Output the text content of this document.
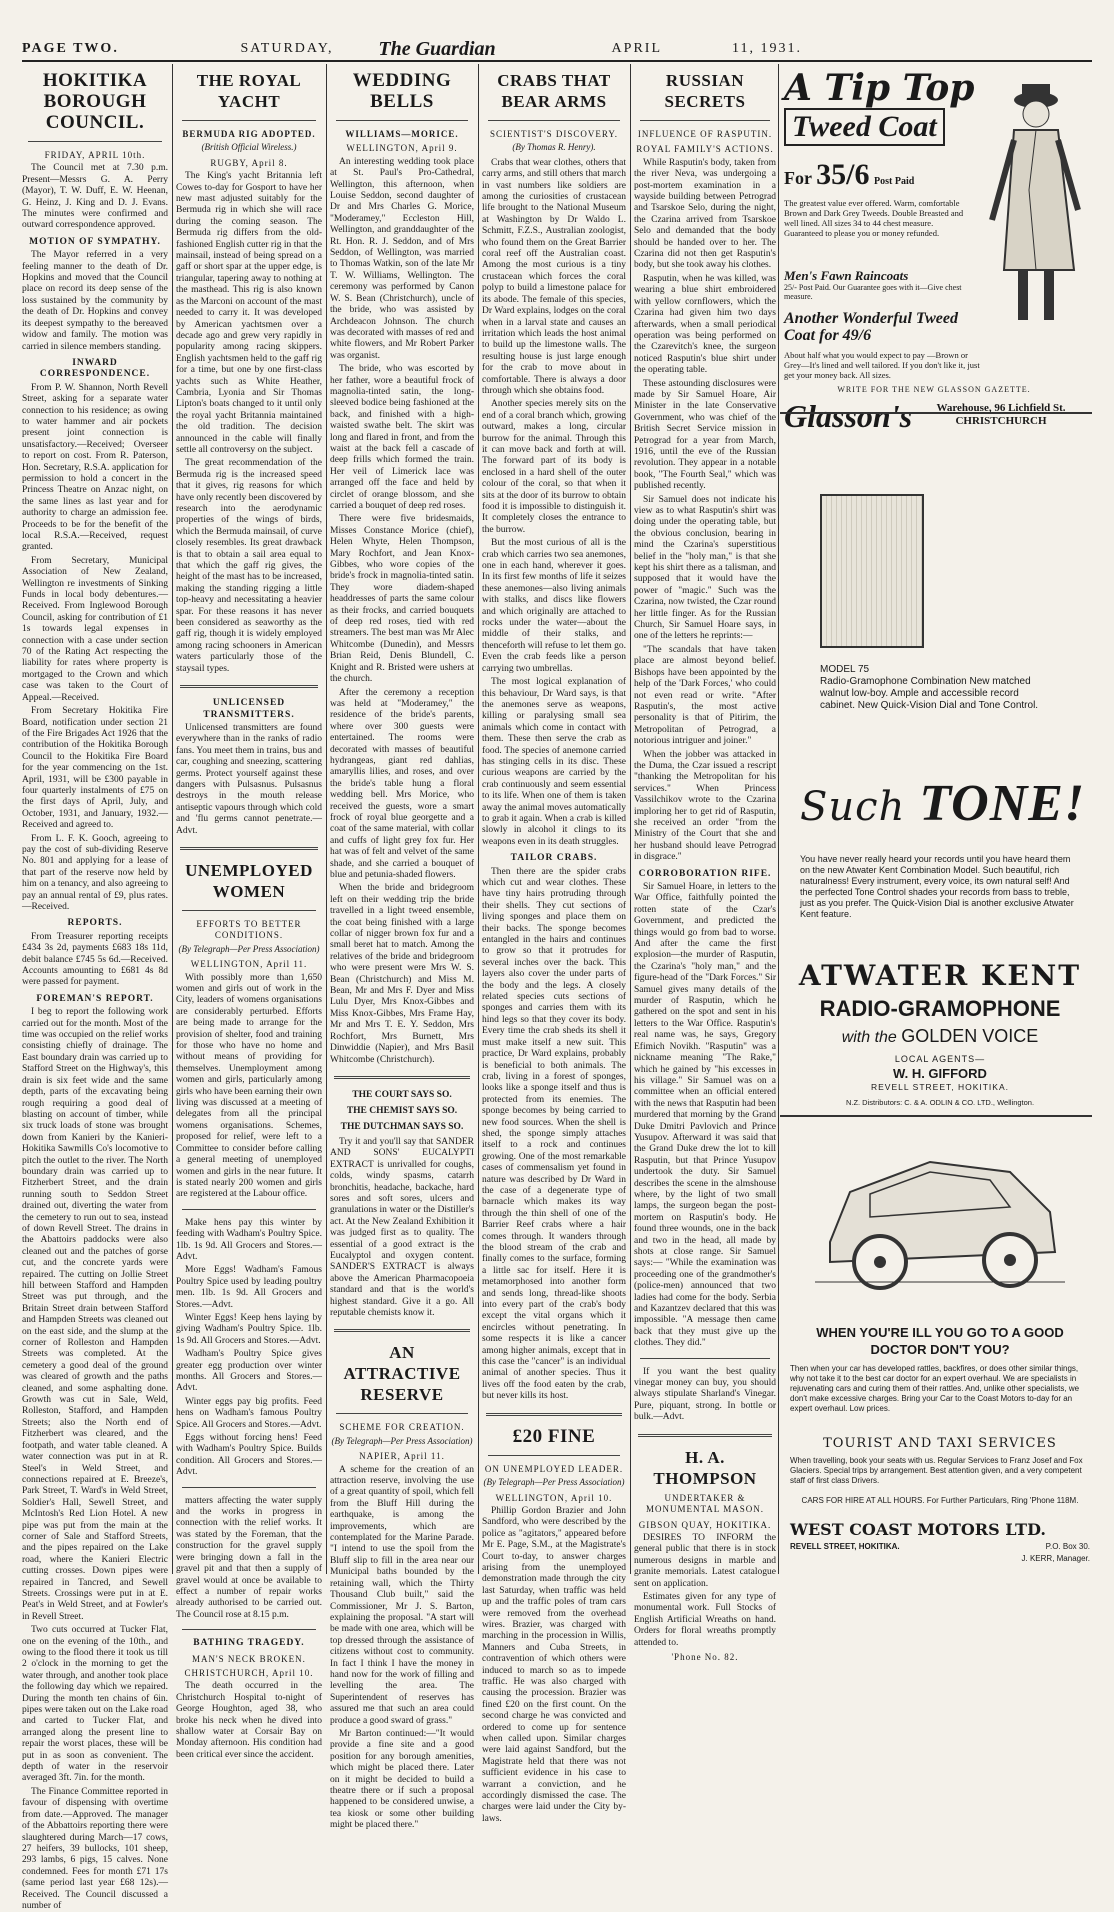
PAGE TWO.	SATURDAY,	The Guardian	APRIL	11, 1931.
HOKITIKA BOROUGH COUNCIL.
FRIDAY, APRIL 10th.

The Council met at 7.30 p.m. Present—Messrs G. A. Perry (Mayor), T. W. Duff, E. W. Heenan, G. Heinz, J. King and D. J. Evans. The minutes were confirmed and outward correspondence approved.

MOTION OF SYMPATHY.

The Mayor referred in a very feeling manner to the death of Dr. Hopkins and moved that the Council place on record its deep sense of the loss sustained by the community by the death of Dr. Hopkins and convey its deepest sympathy to the bereaved widow and family. The motion was carried in silence members standing.

INWARD CORRESPONDENCE.

From P. W. Shannon, North Revell Street, asking for a separate water connection to his residence; as owing to water hammer and air pockets present joint connection is unsatisfactory.—Received; Overseer to report on cost. From R. Paterson, Hon. Secretary, R.S.A. application for permission to hold a concert in the Princess Theatre on Anzac night, on the same lines as last year and for authority to charge an admission fee. Proceeds to be for the benefit of the local R.S.A.—Received, request granted.

From Secretary, Municipal Association of New Zealand, Wellington re investments of Sinking Funds in local body debentures.—Received. From Inglewood Borough Council, asking for contribution of £1 1s towards legal expenses in connection with a case under section 70 of the Rating Act respecting the liability for rates where property is mortgaged to the Crown and which case was taken to the Court of Appeal.—Received.

From Secretary Hokitika Fire Board, notification under section 21 of the Fire Brigades Act 1926 that the contribution of the Hokitika Borough Council to the Hokitika Fire Board for the year commencing on the 1st. April, 1931, will be £300 payable in four quarterly instalments of £75 on the first days of April, July, and October, 1931, and January, 1932.—Received and agreed to.

From L. F. K. Gooch, agreeing to pay the cost of sub-dividing Reserve No. 801 and applying for a lease of that part of the reserve now held by him on a tenancy, and also agreeing to pay an annual rental of £9, plus rates.—Received.

REPORTS.

From Treasurer reporting receipts £434 3s 2d, payments £683 18s 11d, debit balance £745 5s 6d.—Received. Accounts amounting to £681 4s 8d were passed for payment.

FOREMAN'S REPORT.

I beg to report the following work carried out for the month. Most of the time was occupied on the relief works consisting chiefly of drainage. The East boundary drain was carried up to Stafford Street on the Highway's, this drain is six feet wide and the same depth, parts of the excavating being rough requiring a good deal of blasting on account of timber, while six truck loads of stone was brought down from Kanieri by the Kanieri-Hokitika Sawmills Co's locomotive to pitch the outlet to the river. The North boundary drain was carried up to Fitzherbert Street, and the drain running south to Seddon Street drained out, diverting the water from the cemetery to run out to sea, instead of down Revell Street. The drains in the Abattoirs paddocks were also cleaned out and the patches of gorse cut, and the concrete yards were repaired. The cutting on Jollie Street hill between Stafford and Hampden Street was put through, and the Britain Street drain between Stafford and Hampden Streets was cleaned out on the east side, and the slump at the corner of Rolleston and Hampden Streets was completed. At the cemetery a good deal of the ground was cleared of growth and the paths cleaned, and some asphalting done. Growth was cut in Sale, Weld, Rolleston, Stafford, and Hampden Streets; also the North end of Fitzherbert was cleared, and the footpath, and water table cleaned. A water connection was put in at R. Steel's in Weld Street, and connections repaired at E. Breeze's, Park Street, T. Ward's in Weld Street, Soldier's Hall, Sewell Street, and McIntosh's Red Lion Hotel. A new pipe was put from the main at the corner of Sale and Stafford Streets, and the pipes repaired on the Lake road, where the Kanieri Electric cutting crosses. Down pipes were repaired in Tancred, and Sewell Streets. Crossings were put in at E. Peat's in Weld Street, and at Fowler's in Revell Street.

Two cuts occurred at Tucker Flat, one on the evening of the 10th., and owing to the flood there it took us till 2 o'clock in the morning to get the water through, and another took place the following day which we repaired. During the month ten chains of 6in. pipes were taken out on the Lake road and carted to Tucker Flat, and arranged along the present line to repair the worst places, these will be put in as soon as convenient. The depth of water in the reservoir averaged 3ft. 7in. for the month.

The Finance Committee reported in favour of dispensing with overtime from date.—Approved. The manager of the Abbattoirs reporting there were slaughtered during March—17 cows, 27 heifers, 39 bullocks, 101 sheep, 293 lambs, 6 pigs, 15 calves. None condemned. Fees for month £71 17s (same period last year £68 12s).—Received. The Council discussed a number of

THE ROYAL YACHT
BERMUDA RIG ADOPTED.
(British Official Wireless.)
RUGBY, April 8.

The King's yacht Britannia left Cowes to-day for Gosport to have her new mast adjusted suitably for the Bermuda rig in which she will race during the coming season. The Bermuda rig differs from the old-fashioned English cutter rig in that the mainsail, instead of being spread on a gaff or short spar at the upper edge, is triangular, tapering away to nothing at the masthead. This rig is also known as the Marconi on account of the mast needed to carry it. It was developed by American yachtsmen over a decade ago and grew very rapidly in popularity among racing skippers. English yachtsmen held to the gaff rig for a time, but one by one first-class yachts such as White Heather, Cambria, Lyonia and Sir Thomas Lipton's boats changed to it until only the royal yacht Britannia maintained the old tradition. The decision announced in the cable will finally settle all controversy on the subject.

The great recommendation of the Bermuda rig is the increased speed that it gives, rig reasons for which have only recently been discovered by research into the aerodynamic properties of the wings of birds, which the Bermuda mainsail, of curve closely resembles. Its great drawback is that to obtain a sail area equal to that which the gaff rig gives, the height of the mast has to be increased, making the standing rigging a little top-heavy and necessitating a heavier spar. For these reasons it has never been considered as seaworthy as the gaff rig, though it is widely employed among racing schooners in American waters particularly those of the staysail types.

UNLICENSED TRANSMITTERS.

Unlicensed transmitters are found everywhere than in the ranks of radio fans. You meet them in trains, bus and car, coughing and sneezing, scattering germs. Protect yourself against these dangers with Pulsasnus. Pulsasnus destroys in the mouth release antiseptic vapours through which cold and 'flu germs cannot penetrate.—Advt.

UNEMPLOYED WOMEN
EFFORTS TO BETTER CONDITIONS.
(By Telegraph—Per Press Association)
WELLINGTON, April 11.

With possibly more than 1,650 women and girls out of work in the City, leaders of womens organisations are considerably perturbed. Efforts are being made to arrange for the provision of shelter, food and training for those who have no home and without means of providing for themselves. Unemployment among women and girls, particularly among girls who have been earning their own living was discussed at a meeting of delegates from all the principal womens organisations. Schemes, proposed for relief, were left to a Committee to consider before calling a general meeting of unemployed women and girls in the near future. It is stated nearly 200 women and girls are registered at the Labour office.

Make hens pay this winter by feeding with Wadham's Poultry Spice. 1lb. 1s 9d. All Grocers and Stores.—Advt.

More Eggs! Wadham's Famous Poultry Spice used by leading poultry men. 1lb. 1s 9d. All Grocers and Stores.—Advt.

Winter Eggs! Keep hens laying by giving Wadham's Poultry Spice. 1lb. 1s 9d. All Grocers and Stores.—Advt.

Wadham's Poultry Spice gives greater egg production over winter months. All Grocers and Stores.—Advt.

Winter eggs pay big profits. Feed hens on Wadham's famous Poultry Spice. All Grocers and Stores.—Advt.

Eggs without forcing hens! Feed with Wadham's Poultry Spice. Builds condition. All Grocers and Stores.—Advt.

matters affecting the water supply and the works in progress in connection with the relief works. It was stated by the Foreman, that the construction for the gravel supply were bringing down a fall in the gravel pit and that then a supply of gravel would at once be available to effect a number of repair works already authorised to be carried out. The Council rose at 8.15 p.m.

BATHING TRAGEDY.
MAN'S NECK BROKEN.
CHRISTCHURCH, April 10.

The death occurred in the Christchurch Hospital to-night of George Houghton, aged 38, who broke his neck when he dived into shallow water at Corsair Bay on Monday afternoon. His condition had been critical ever since the accident.

WEDDING BELLS
WILLIAMS—MORICE.
WELLINGTON, April 9.

An interesting wedding took place at St. Paul's Pro-Cathedral, Wellington, this afternoon, when Louise Seddon, second daughter of Dr and Mrs Charles G. Morice, "Moderamey," Eccleston Hill, Wellington, and granddaughter of the Rt. Hon. R. J. Seddon, and of Mrs Seddon, of Wellington, was married to Thomas Watkin, son of the late Mr T. W. Williams, Wellington. The ceremony was performed by Canon W. S. Bean (Christchurch), uncle of the bride, who was assisted by Archdeacon Johnson. The church was decorated with masses of red and white flowers, and Mr Robert Parker was organist.

The bride, who was escorted by her father, wore a beautiful frock of magnolia-tinted satin, the long-sleeved bodice being fashioned at the back, and finished with a high-waisted swathe belt. The skirt was long and flared in front, and from the waist at the back fell a cascade of deep frills which formed the train. Her veil of Limerick lace was arranged off the face and held by circlet of orange blossom, and she carried a bouquet of deep red roses.

There were five bridesmaids, Misses Constance Morice (chief), Helen Whyte, Helen Thompson, Mary Rochfort, and Jean Knox-Gibbes, who wore copies of the bride's frock in magnolia-tinted satin. They wore diadem-shaped headdresses of parts the same colour as their frocks, and carried bouquets of deep red roses, tied with red streamers. The best man was Mr Alec Whitcombe (Dunedin), and Messrs Brian Reid, Denis Blundell, C. Knight and R. Bristed were ushers at the church.

After the ceremony a reception was held at "Moderamey," the residence of the bride's parents, where over 300 guests were entertained. The rooms were decorated with masses of beautiful hydrangeas, giant red dahlias, amaryllis lilies, and roses, and over the bride's table hung a floral wedding bell. Mrs Morice, who received the guests, wore a smart frock of royal blue georgette and a coat of the same material, with collar and cuffs of light grey fox fur. Her hat was of felt and velvet of the same shade, and she carried a bouquet of blue and petunia-shaded flowers.

When the bride and bridegroom left on their wedding trip the bride travelled in a light tweed ensemble, the coat being finished with a large collar of nigger brown fox fur and a small beret hat to match. Among the relatives of the bride and bridegroom who were present were Mrs W. S. Bean (Christchurch) and Miss M. Bean, Mr and Mrs F. Dyer and Miss Lulu Dyer, Mrs Knox-Gibbes and Miss Knox-Gibbes, Mrs Frame Hay, Mr and Mrs T. E. Y. Seddon, Mrs Rochfort, Mrs Burnett, Mrs Dinwiddie (Napier), and Mrs Basil Whitcombe (Christchurch).

THE COURT SAYS SO.
THE CHEMIST SAYS SO.
THE DUTCHMAN SAYS SO.

Try it and you'll say that SANDER AND SONS' EUCALYPTI EXTRACT is unrivalled for coughs, colds, windy spasms, catarrh bronchitis, headache, backache, hard sores and soft sores, ulcers and granulations in water or the Distiller's act. At the New Zealand Exhibition it was judged first as to quality. The essential of a good extract is the Eucalyptol and oxygen content. SANDER'S EXTRACT is always above the American Pharmacopoeia standard and that is the world's highest standard. Give it a go. All reputable chemists know it.

AN ATTRACTIVE RESERVE
SCHEME FOR CREATION.
(By Telegraph—Per Press Association)
NAPIER, April 11.

A scheme for the creation of an attraction reserve, involving the use of a great quantity of spoil, which fell from the Bluff Hill during the earthquake, is among the improvements, which are contemplated for the Marine Parade. "I intend to use the spoil from the Bluff slip to fill in the area near our Municipal baths bounded by the retaining wall, which the Thirty Thousand Club built," said the Commissioner, Mr J. S. Barton, explaining the proposal. "A start will be made with one area, which will be top dressed through the assistance of citizens without cost to community. In fact I think I have the money in hand now for the work of filling and levelling the area. The Superintendent of reserves has assured me that such an area could produce a good sward of grass."

Mr Barton continued:—"It would provide a fine site and a good position for any borough amenities, which might be placed there. Later on it might be decided to build a theatre there or if such a proposal happened to be considered unwise, a tea kiosk or some other building might be placed there."

CRABS THAT BEAR ARMS
SCIENTIST'S DISCOVERY.
(By Thomas R. Henry).

Crabs that wear clothes, others that carry arms, and still others that march in vast numbers like soldiers are among the curiosities of crustacean life brought to the National Museum at Washington by Dr Waldo L. Schmitt, F.Z.S., Australian zoologist, who found them on the Great Barrier coral reef off the Australian coast. Among the most curious is a tiny crustacean which forces the coral polyp to build a limestone palace for its abode. The female of this species, Dr Ward explains, lodges on the coral when in a larval state and causes an irritation which leads the host animal to build up the limestone walls. The resulting house is just large enough for the crab to move about in comfortable. There is always a door through which she obtains food.

Another species merely sits on the end of a coral branch which, growing outward, makes a long, circular burrow for the animal. Through this it can move back and forth at will. The forward part of its body is enclosed in a hard shell of the outer colour of the coral, so that when it sits at the door of its burrow to obtain food it is impossible to distinguish it. It completely closes the entrance to the burrow.

But the most curious of all is the crab which carries two sea anemones, one in each hand, wherever it goes. In its first few months of life it seizes these anemones—also living animals with stalks, and discs like flowers and which originally are attached to rocks under the water—about the middle of their stalks, and thenceforth will refuse to let them go. Even the crab feeds like a person carrying two umbrellas.

The most logical explanation of this behaviour, Dr Ward says, is that the anemones serve as weapons, killing or paralysing small sea animals which come in contact with them. These then serve the crab as food. The species of anemone carried has stinging cells in its disc. These curious weapons are carried by the crab continuously and seem essential to its life. When one of them is taken away the animal moves automatically to grab it again. When a crab is killed slowly in alcohol it clings to its weapons even in its death struggles.

TAILOR CRABS.

Then there are the spider crabs which cut and wear clothes. These have tiny hairs protruding through their shells. They cut sections of living sponges and place them on their backs. The sponge becomes entangled in the hairs and continues to grow so that it protrudes for several inches over the back. This layers also cover the under parts of the body and the legs. A closely related species cuts sections of sponges and carries them with its hind legs so that they cover its body. Every time the crab sheds its shell it must make itself a new suit. This practice, Dr Ward explains, probably is beneficial to both animals. The crab, living in a forest of sponges, looks like a sponge itself and thus is protected from its enemies. The sponge becomes by being carried to new food sources. When the shell is shed, the sponge simply attaches itself to a rock and continues growing. One of the most remarkable cases of commensalism yet found in nature was described by Dr Ward in the case of a degenerate type of barnacle which makes its way through the thin shell of one of the Barrier Reef crabs where a hair comes through. It wanders through the blood stream of the crab and finally comes to the surface, forming a little sac for itself. Here it is metamorphosed into another form and sends long, thread-like shoots into every part of the crab's body except the vital organs which it encircles without penetrating. In some respects it is like a cancer among higher animals, except that in this case the "cancer" is an individual animal of another species. Thus it lives off the food eaten by the crab, but never kills its host.

£20 FINE
ON UNEMPLOYED LEADER.
(By Telegraph—Per Press Association)
WELLINGTON, April 10.

Phillip Gordon Brazier and John Sandford, who were described by the police as "agitators," appeared before Mr E. Page, S.M., at the Magistrate's Court to-day, to answer charges arising from the unemployed demonstration made through the city last Saturday, when traffic was held up and the traffic poles of tram cars were removed from the overhead wires. Brazier, was charged with marching in the procession in Willis, Manners and Cuba Streets, in contravention of which others were induced to march so as to impede traffic. He was also charged with causing the procession. Brazier was fined £20 on the first count. On the second charge he was convicted and ordered to come up for sentence when called upon. Similar charges were laid against Sandford, but the Magistrate held that there was not sufficient evidence in his case to warrant a conviction, and he accordingly dismissed the case. The charges were laid under the City by-laws.

RUSSIAN SECRETS
INFLUENCE OF RASPUTIN.
ROYAL FAMILY'S ACTIONS.

While Rasputin's body, taken from the river Neva, was undergoing a post-mortem examination in a wayside building between Petrograd and Tsarskoe Selo, during the night, the Czarina arrived from Tsarskoe Selo and demanded that the body should be handed over to her. The Czarina did not then get Rasputin's body, but she took away his clothes.

Rasputin, when he was killed, was wearing a blue shirt embroidered with yellow cornflowers, which the Czarina had given him two days afterwards, when a small periodical operation was being performed on the Czarevitch's knee, the surgeon noticed Rasputin's blue shirt under the operating table.

These astounding disclosures were made by Sir Samuel Hoare, Air Minister in the late Conservative Government, who was chief of the British Secret Service mission in Petrograd for a year from March, 1916, until the eve of the Russian revolution. They appear in a notable book, "The Fourth Seal," which was published recently.

Sir Samuel does not indicate his view as to what Rasputin's shirt was doing under the operating table, but the obvious conclusion, bearing in mind the Czarina's superstitious belief in the "holy man," is that she kept his shirt there as a talisman, and supposed that it would have the power of "magic." Such was the Czarina, now twisted, the Czar round her little finger. As for the Russian Church, Sir Samuel Hoare says, in one of the letters he reprints:—

"The scandals that have taken place are almost beyond belief. Bishops have been appointed by the help of the 'Dark Forces,' who could not even read or write. "After Rasputin's, the most active personality is that of Pitirim, the Metropolitan of Petrograd, a notorious intriguer and joiner."

When the jobber was attacked in the Duma, the Czar issued a rescript "thanking the Metropolitan for his services." When Princess Vassilchikov wrote to the Czarina imploring her to get rid of Rasputin, she received an order "from the Ministry of the Court that she and her husband should leave Petrograd in disgrace."

CORROBORATION RIFE.

Sir Samuel Hoare, in letters to the War Office, faithfully pointed the rotten state of the Czar's Government, and predicted the things would go from bad to worse. And after the came the first explosion—the murder of Rasputin, the Czarina's "holy man," and the figure-head of the "Dark Forces." Sir Samuel gives many details of the murder of Rasputin, which he gathered on the spot and sent in his letters to the War Office. Rasputin's real name was, he says, Gregory Efimich Novikh. "Rasputin" was a nickname meaning "The Rake," which he gained by "his excesses in his village." Sir Samuel was on a committee when an official entered with the news that Rasputin had been murdered that morning by the Grand Duke Dmitri Pavlovich and Prince Yusupov. Afterward it was said that the Grand Duke drew the lot to kill Rasputin, but that Prince Yusupov undertook the duty. Sir Samuel describes the scene in the almshouse where, by the light of two small lamps, the surgeon began the post-mortem on Rasputin's body. He found three wounds, one in the back and two in the head, all made by shots at close range. Sir Samuel says:— "While the examination was proceeding one of the grandmother's (police-men) announced that two ladies had come for the body. Serbia and Kazantzev declared that this was impossible. "A message then came back that they must give up the clothes. They did."

If you want the best quality vinegar money can buy, you should always stipulate Sharland's Vinegar. Pure, piquant, strong. In bottle or bulk.—Advt.

H. A. THOMPSON
UNDERTAKER & MONUMENTAL MASON.
GIBSON QUAY, HOKITIKA.

DESIRES TO INFORM the general public that there is in stock numerous designs in marble and granite memorials. Latest catalogue sent on application.

Estimates given for any type of monumental work. Full Stocks of English Artificial Wreaths on hand. Orders for floral wreaths promptly attended to.

'Phone No. 82.
A Tip Top
Tweed Coat
For 35/6 Post Paid
The greatest value ever offered. Warm, comfortable Brown and Dark Grey Tweeds. Double Breasted and well lined. All sizes 34 to 44 chest measure. Guaranteed to please you or money refunded.
Men's Fawn Raincoats
25/- Post Paid. Our Guarantee goes with it—Give chest measure.
Another Wonderful Tweed Coat for 49/6
About half what you would expect to pay —Brown or Grey—It's lined and well tailored. If you don't like it, just get your money back. All sizes.
WRITE FOR THE NEW GLASSON GAZETTE.
Glasson's	Warehouse, 96 Lichfield St. CHRISTCHURCH
MODEL 75
Radio-Gramophone Combination New matched walnut low-boy. Ample and accessible record cabinet. New Quick-Vision Dial and Tone Control.
Such TONE!
You have never really heard your records until you have heard them on the new Atwater Kent Combination Model. Such beautiful, rich naturalness! Every instrument, every voice, its own natural self! And the perfected Tone Control shades your records from bass to treble, just as you prefer. The Quick-Vision Dial is another exclusive Atwater Kent feature.
ATWATER KENT
RADIO-GRAMOPHONE
with the GOLDEN VOICE
LOCAL AGENTS—
W. H. GIFFORD
REVELL STREET, HOKITIKA.
N.Z. Distributors: C. & A. ODLIN & CO. LTD., Wellington.
WHEN YOU'RE ILL YOU GO TO A GOOD DOCTOR DON'T YOU?
Then when your car has developed rattles, backfires, or does other similar things, why not take it to the best car doctor for an expert overhaul. We are specialists in rejuvenating cars and curing them of their rattles. And, unlike other specialists, we don't make excessive charges. Bring your Car to the Coast Motors to-day for an expert overhaul. Low prices.
TOURIST AND TAXI SERVICES
When travelling, book your seats with us. Regular Services to Franz Josef and Fox Glaciers. Special trips by arrangement. Best attention given, and a very competent staff of first class Drivers.
CARS FOR HIRE AT ALL HOURS. For Further Particulars, Ring 'Phone 118M.
WEST COAST MOTORS LTD.
P.O. Box 30.
REVELL STREET, HOKITIKA.
J. KERR, Manager.
